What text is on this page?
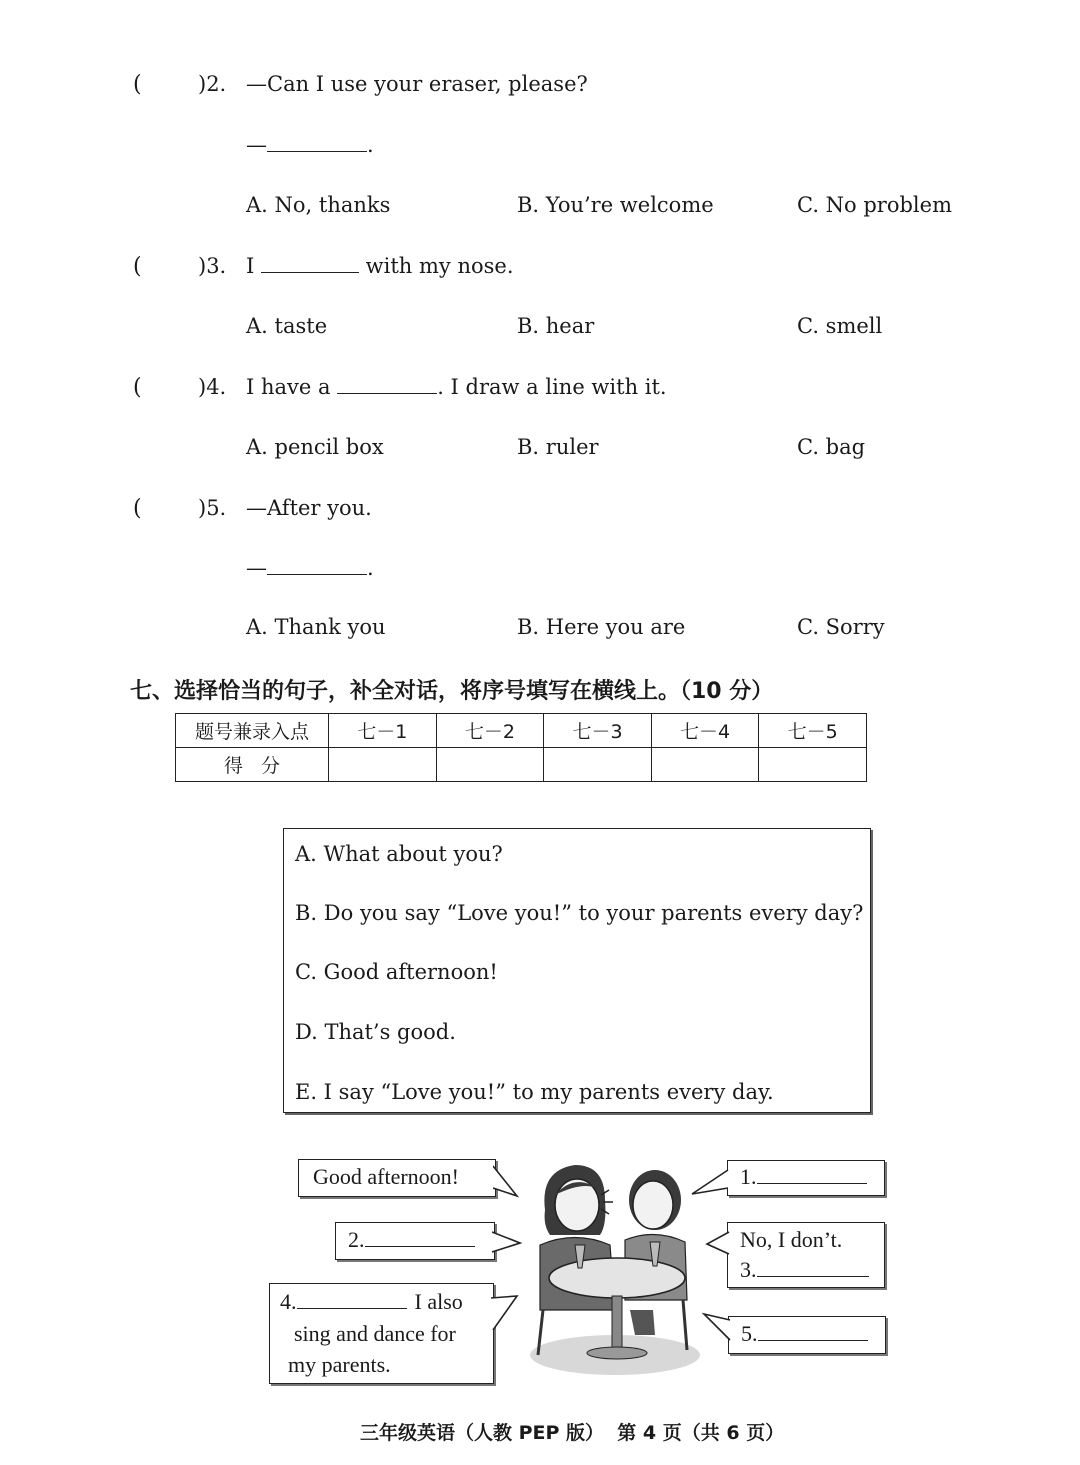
(	)2. —Can I use your eraser, please?
—	.
A. No, thanks	B. You’re welcome	C. No problem
(	)3. I	with my nose.
A. taste	B. hear	C. smell
(	)4. I have a	. I draw a line with it.
A. pencil box	B. ruler	C. bag
(	)5. —After you.
—	.
A. Thank you	B. Here you are	C. Sorry
七、选择恰当的句子，补全对话，将序号填写在横线上。（10 分）
题号兼录入点	七－1	七－2	七－3	七－4	七－5
得   分					
A. What about you?
B. Do you say “Love you!” to your parents every day?
C. Good afternoon!
D. That’s good.
E. I say “Love you!” to my parents every day.
Good afternoon!
2.
1.
No, I don’t.
3.
4.	I also
sing and dance for
my parents.
5.
三年级英语（人教 PEP 版）  第 4 页（共 6 页）
